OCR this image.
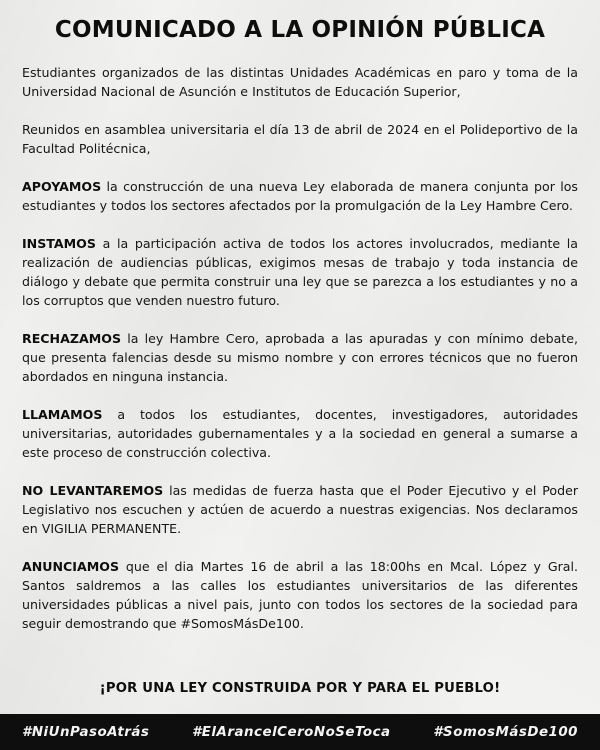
COMUNICADO A LA OPINIÓN PÚBLICA

Estudiantes organizados de las distintas Unidades Académicas en paro y toma de la Universidad Nacional de Asunción e Institutos de Educación Superior,

Reunidos en asamblea universitaria el día 13 de abril de 2024 en el Polideportivo de la Facultad Politécnica,

APOYAMOS la construcción de una nueva Ley elaborada de manera conjunta por los estudiantes y todos los sectores afectados por la promulgación de la Ley Hambre Cero.

INSTAMOS a la participación activa de todos los actores involucrados, mediante la realización de audiencias públicas, exigimos mesas de trabajo y toda instancia de diálogo y debate que permita construir una ley que se parezca a los estudiantes y no a los corruptos que venden nuestro futuro.

RECHAZAMOS la ley Hambre Cero, aprobada a las apuradas y con mínimo debate, que presenta falencias desde su mismo nombre y con errores técnicos que no fueron abordados en ninguna instancia.

LLAMAMOS a todos los estudiantes, docentes, investigadores, autoridades universitarias, autoridades gubernamentales y a la sociedad en general a sumarse a este proceso de construcción colectiva.

NO LEVANTAREMOS las medidas de fuerza hasta que el Poder Ejecutivo y el Poder Legislativo nos escuchen y actúen de acuerdo a nuestras exigencias. Nos declaramos en VIGILIA PERMANENTE.

ANUNCIAMOS que el dia Martes 16 de abril a las 18:00hs en Mcal. López y Gral. Santos saldremos a las calles los estudiantes universitarios de las diferentes universidades públicas a nivel pais, junto con todos los sectores de la sociedad para seguir demostrando que #SomosMásDe100.

¡POR UNA LEY CONSTRUIDA POR Y PARA EL PUEBLO!

#NiUnPasoAtrás	#ElArancelCeroNoSeToca	#SomosMásDe100
